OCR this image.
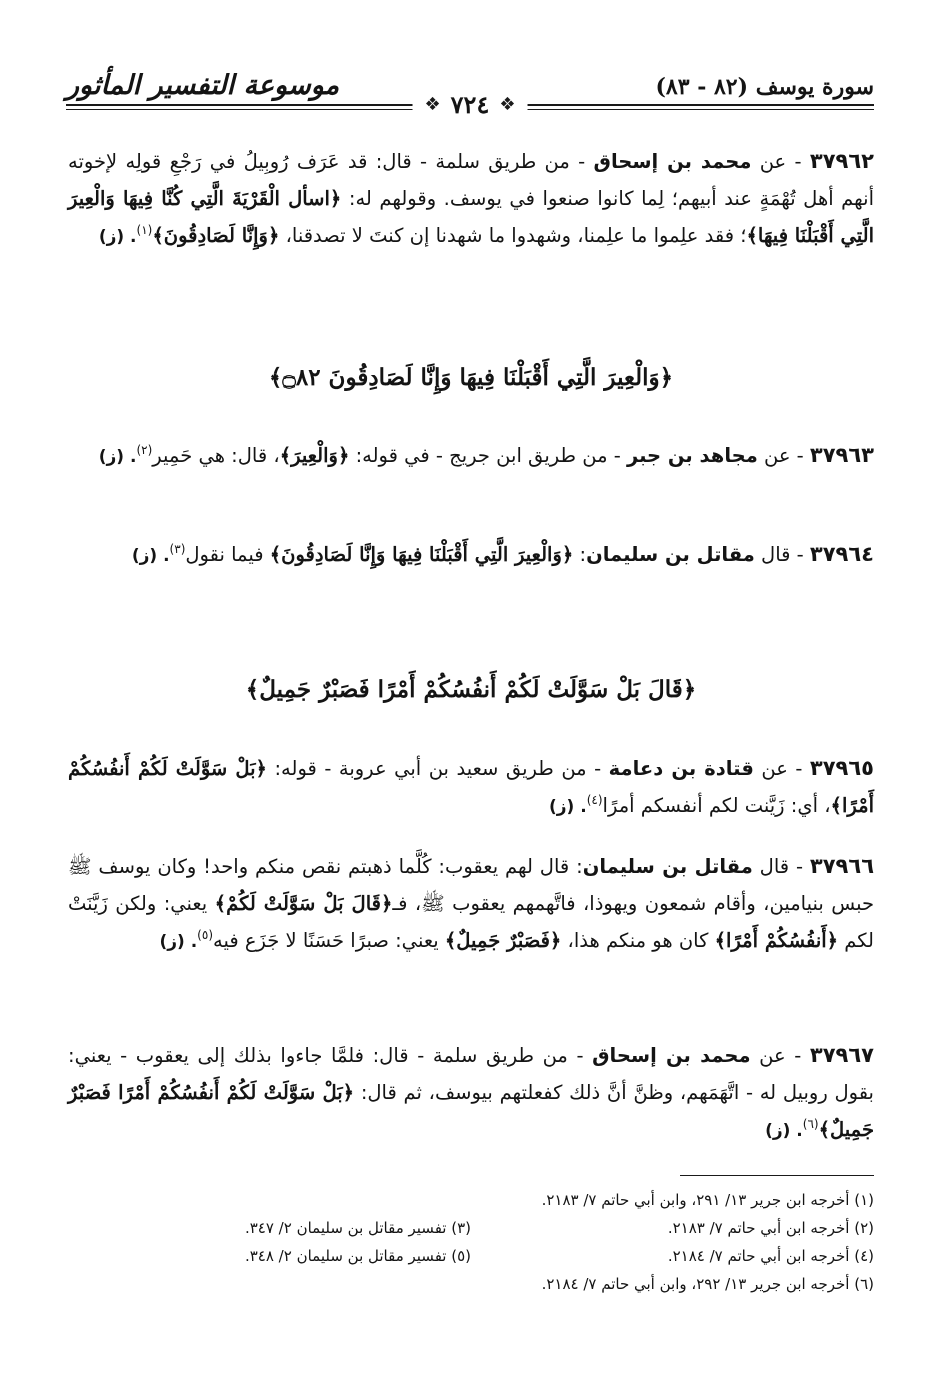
سورة يوسف (٨٢ - ٨٣)
موسوعة التفسير المأثور
❖ ٧٢٤ ❖

٣٧٩٦٢ - عن محمد بن إسحاق - من طريق سلمة - قال: قد عَرَف رُوبِيلُ في رَجْعِ قولِه لإخوته أنهم أهل تُهْمَةٍ عند أبيهم؛ لِما كانوا صنعوا في يوسف. وقولهم له: ﴿اسأل الْقَرْيَةَ الَّتِي كُنَّا فِيهَا وَالْعِيرَ الَّتِي أَقْبَلْنَا فِيهَا﴾؛ فقد علِموا ما علِمنا، وشهدوا ما شهدنا إن كنتَ لا تصدقنا، ﴿وَإِنَّا لَصَادِقُونَ﴾$^{(١)}$. (ز)

﴿وَالْعِيرَ الَّتِي أَقْبَلْنَا فِيهَا وَإِنَّا لَصَادِقُونَ ۝٨٢﴾

٣٧٩٦٣ - عن مجاهد بن جبر - من طريق ابن جريج - في قوله: ﴿وَالْعِيرَ﴾، قال: هي حَمِير$^{(٢)}$. (ز)

٣٧٩٦٤ - قال مقاتل بن سليمان: ﴿وَالْعِيرَ الَّتِي أَقْبَلْنَا فِيهَا وَإِنَّا لَصَادِقُونَ﴾ فيما نقول$^{(٣)}$. (ز)

﴿قَالَ بَلْ سَوَّلَتْ لَكُمْ أَنفُسُكُمْ أَمْرًا فَصَبْرٌ جَمِيلٌ﴾

٣٧٩٦٥ - عن قتادة بن دعامة - من طريق سعيد بن أبي عروبة - قوله: ﴿بَلْ سَوَّلَتْ لَكُمْ أَنفُسُكُمْ أَمْرًا﴾، أي: زَيَّنت لكم أنفسكم أمرًا$^{(٤)}$. (ز)

٣٧٩٦٦ - قال مقاتل بن سليمان: قال لهم يعقوب: كُلَّما ذهبتم نقص منكم واحد! وكان يوسف ﷺ حبس بنيامين، وأقام شمعون ويهوذا، فاتَّهمهم يعقوب ﷺ، فـ﴿قَالَ بَلْ سَوَّلَتْ لَكُمْ﴾ يعني: ولكن زَيَّنَتْ لكم ﴿أَنفُسُكُمْ أَمْرًا﴾ كان هو منكم هذا، ﴿فَصَبْرٌ جَمِيلٌ﴾ يعني: صبرًا حَسَنًا لا جَزَع فيه$^{(٥)}$. (ز)

٣٧٩٦٧ - عن محمد بن إسحاق - من طريق سلمة - قال: فلمَّا جاءوا بذلك إلى يعقوب - يعني: بقول روبيل له - اتَّهَمَهم، وظنَّ أنَّ ذلك كفعلتهم بيوسف، ثم قال: ﴿بَلْ سَوَّلَتْ لَكُمْ أَنفُسُكُمْ أَمْرًا فَصَبْرٌ جَمِيلٌ﴾$^{(٦)}$. (ز)

(١) أخرجه ابن جرير ١٣/ ٢٩١، وابن أبي حاتم ٧/ ٢١٨٣.
(٢) أخرجه ابن أبي حاتم ٧/ ٢١٨٣.
(٣) تفسير مقاتل بن سليمان ٢/ ٣٤٧.
(٤) أخرجه ابن أبي حاتم ٧/ ٢١٨٤.
(٥) تفسير مقاتل بن سليمان ٢/ ٣٤٨.
(٦) أخرجه ابن جرير ١٣/ ٢٩٢، وابن أبي حاتم ٧/ ٢١٨٤.
